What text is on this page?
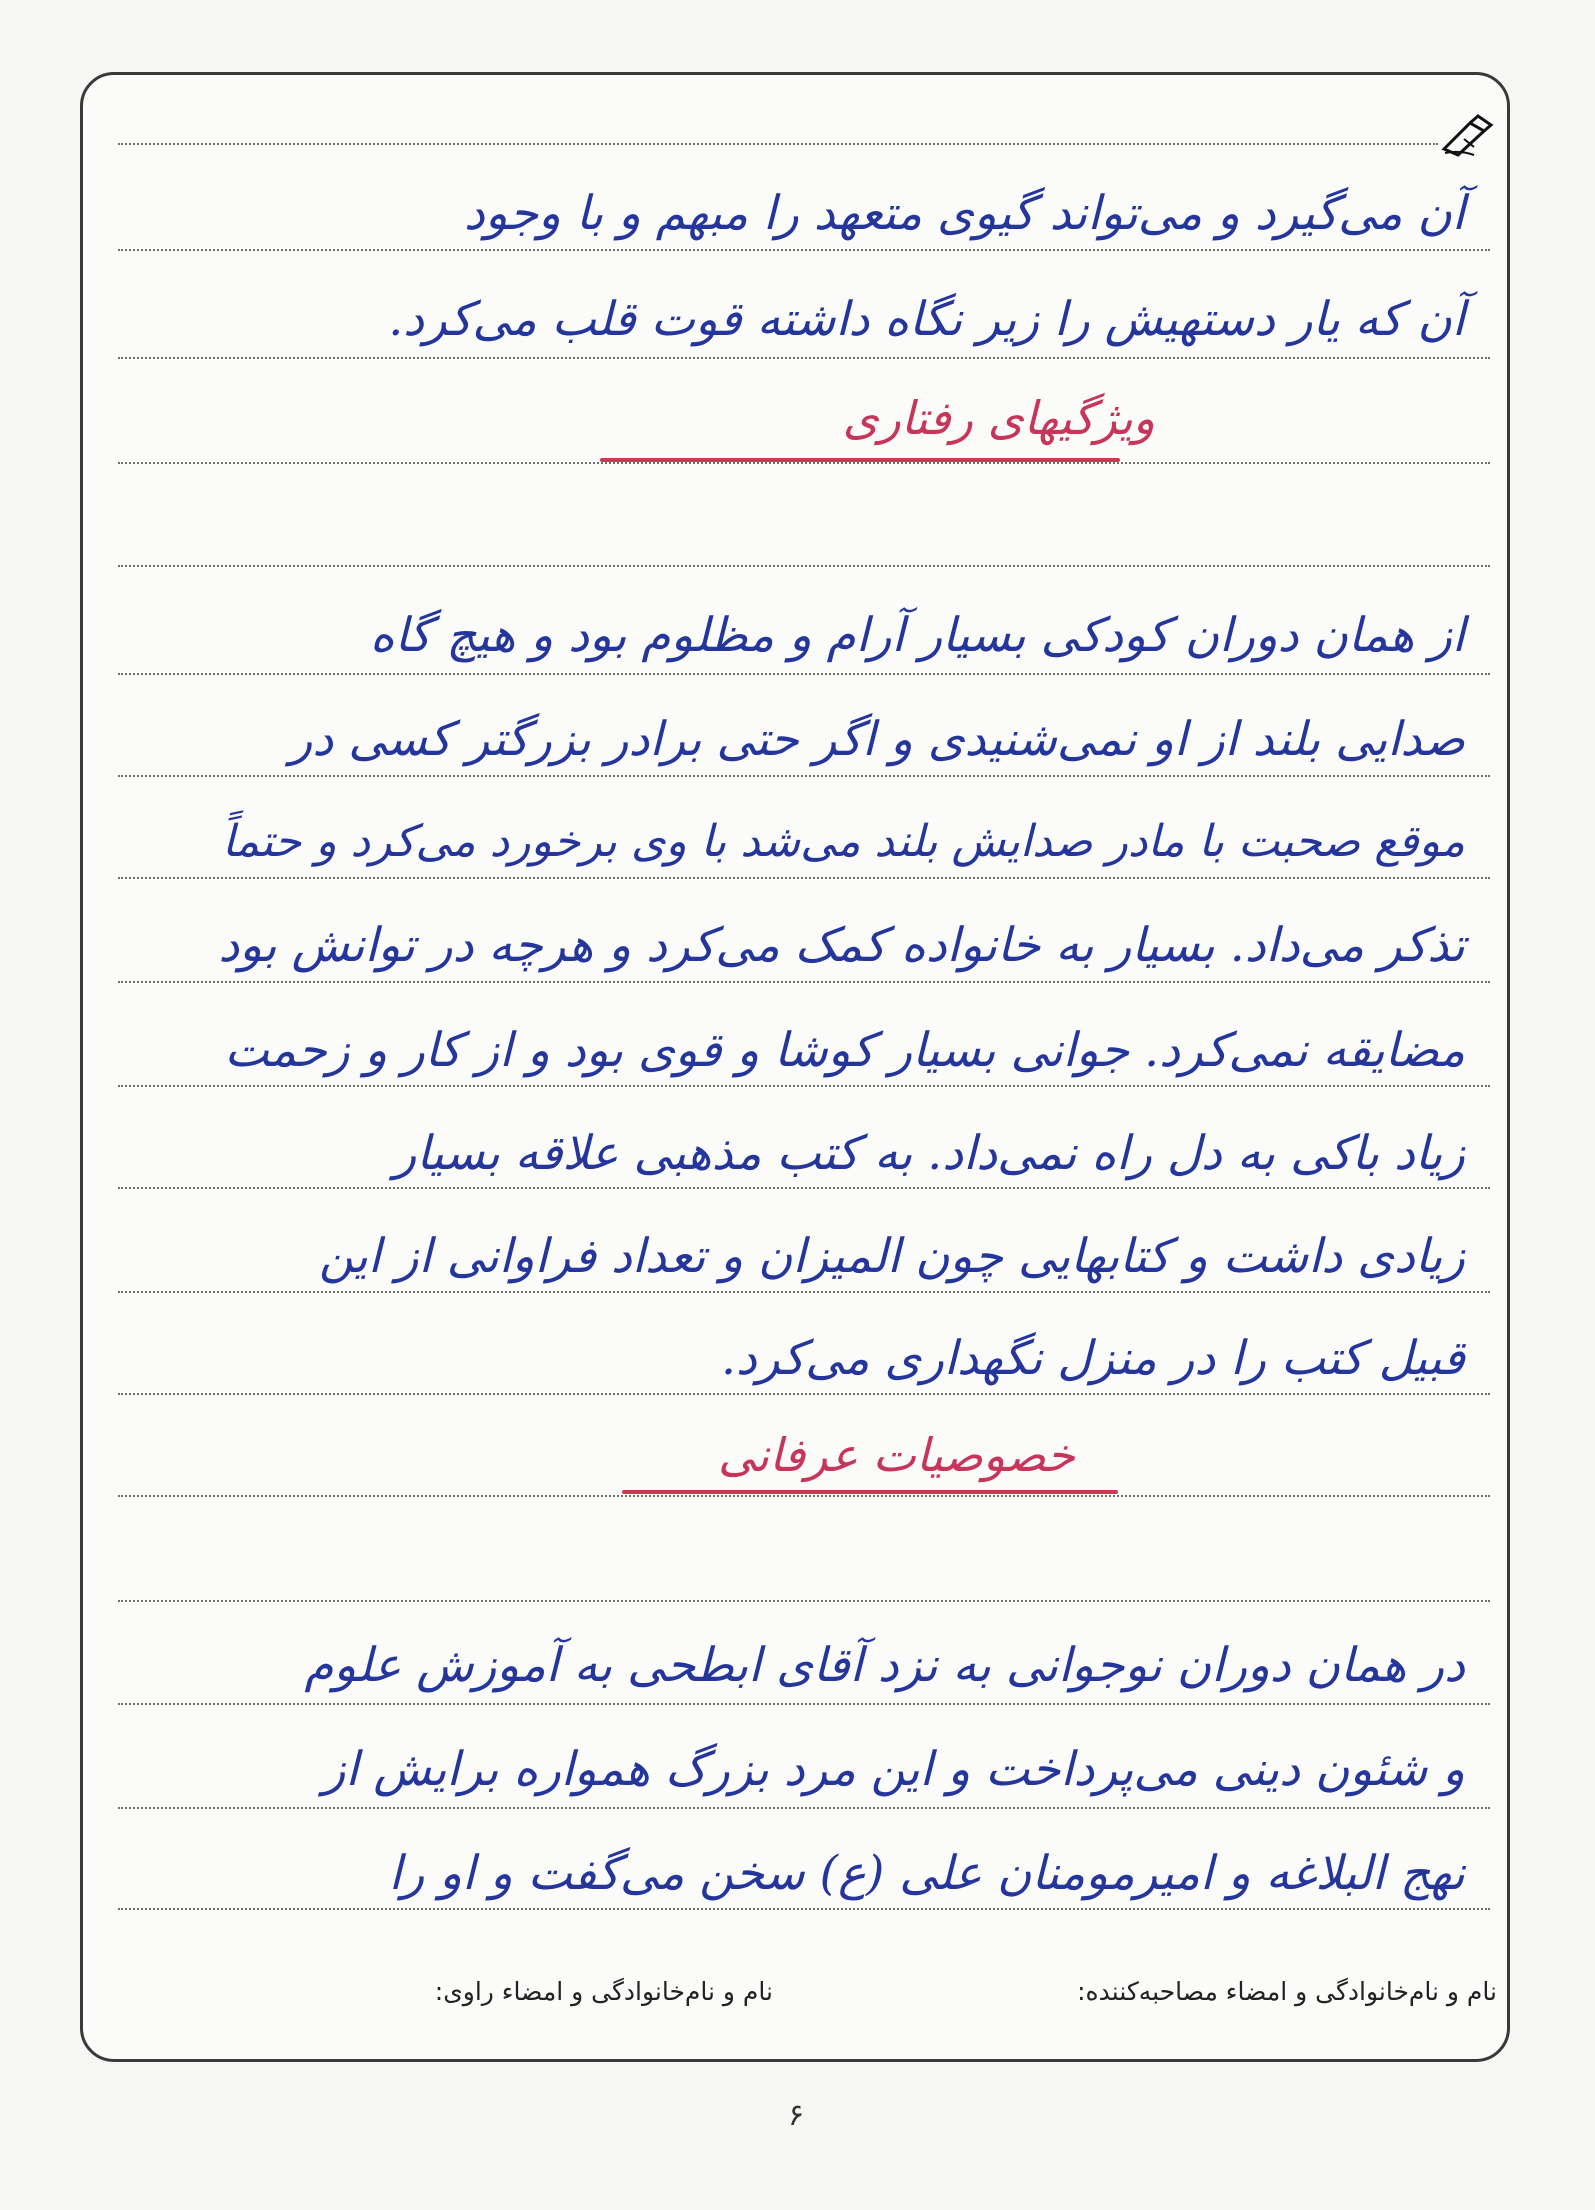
آن می‌گیرد و می‌تواند گیوی متعهد را مبهم و با وجود
آن که یار دستهیش را زیر نگاه داشته قوت قلب می‌کرد.
ویژگیهای رفتاری
از همان دوران کودکی بسیار آرام و مظلوم بود و هیچ گاه
صدایی بلند از او نمی‌شنیدی و اگر حتی برادر بزرگتر کسی در
موقع صحبت با مادر صدایش بلند می‌شد با وی برخورد می‌کرد و حتماً
تذکر می‌داد. بسیار به خانواده کمک می‌کرد و هرچه در توانش بود
مضایقه نمی‌کرد. جوانی بسیار کوشا و قوی بود و از کار و زحمت
زیاد باکی به دل راه نمی‌داد. به کتب مذهبی علاقه بسیار
زیادی داشت و کتابهایی چون المیزان و تعداد فراوانی از این
قبیل کتب را در منزل نگهداری می‌کرد.
خصوصیات عرفانی
در همان دوران نوجوانی به نزد آقای ابطحی به آموزش علوم
و شئون دینی می‌پرداخت و این مرد بزرگ همواره برایش از
نهج البلاغه و امیرمومنان علی (ع) سخن می‌گفت و او را
نام و نام‌خانوادگی و امضاء مصاحبه‌کننده:
نام و نام‌خانوادگی و امضاء راوی:
۶
